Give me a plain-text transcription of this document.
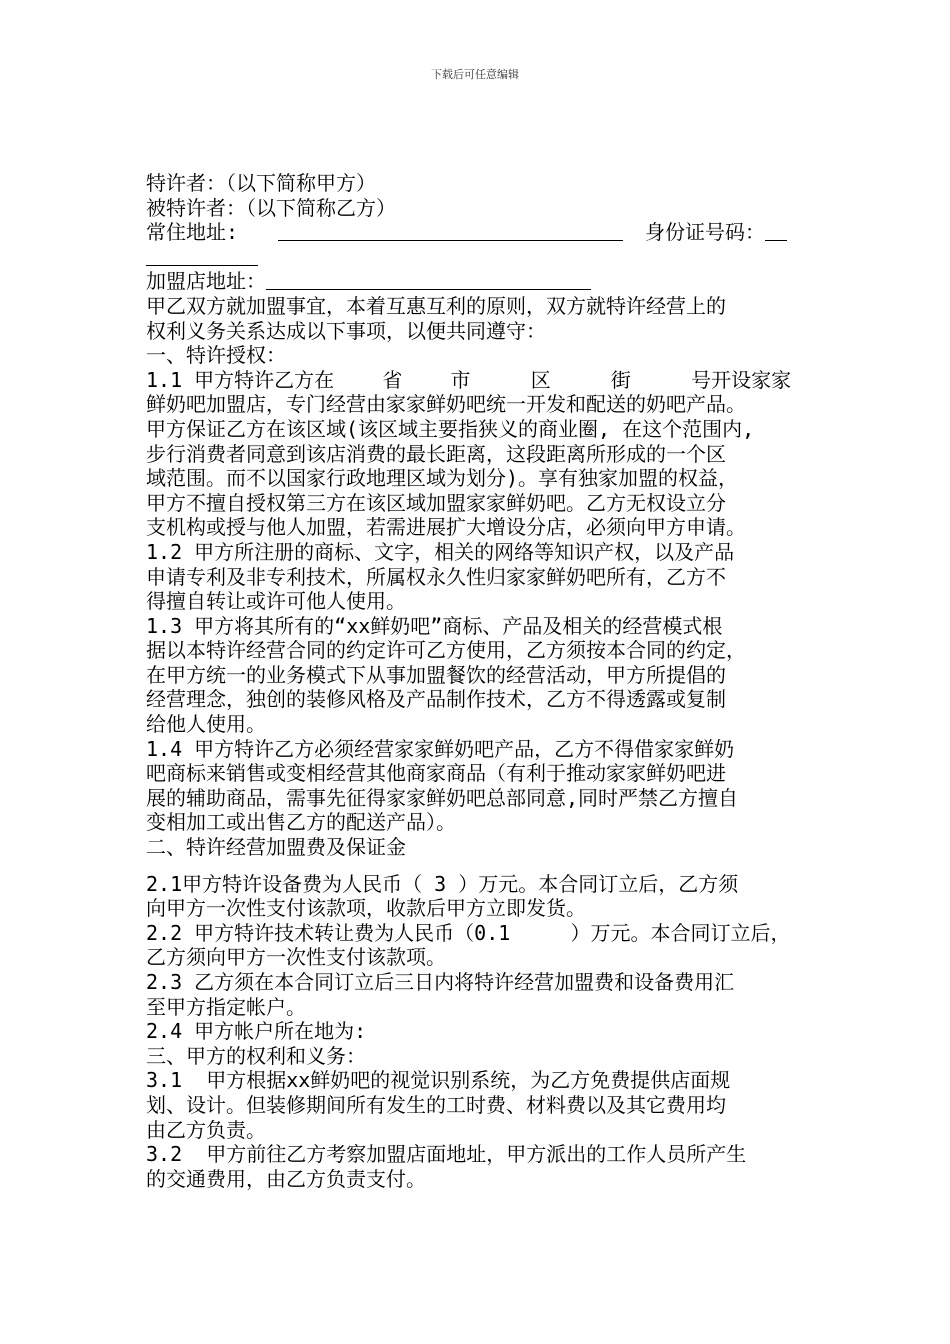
下载后可任意编辑
特许者：（以下简称甲方）
被特许者：（以下简称乙方）
常住地址:	身份证号码：
加盟店地址：
甲乙双方就加盟事宜，本着互惠互利的原则，双方就特许经营上的
权利义务关系达成以下事项，以便共同遵守：
一、特许授权：
1.1 甲方特许乙方在    省    市     区     街     号开设家家
鲜奶吧加盟店，专门经营由家家鲜奶吧统一开发和配送的奶吧产品。
甲方保证乙方在该区域(该区域主要指狭义的商业圈, 在这个范围内,
步行消费者同意到该店消费的最长距离，这段距离所形成的一个区
域范围。而不以国家行政地理区域为划分)。享有独家加盟的权益，
甲方不擅自授权第三方在该区域加盟家家鲜奶吧。乙方无权设立分
支机构或授与他人加盟，若需进展扩大增设分店，必须向甲方申请。
1.2 甲方所注册的商标、文字，相关的网络等知识产权，以及产品
申请专利及非专利技术，所属权永久性归家家鲜奶吧所有，乙方不
得擅自转让或许可他人使用。
1.3 甲方将其所有的“xx鲜奶吧”商标、产品及相关的经营模式根
据以本特许经营合同的约定许可乙方使用，乙方须按本合同的约定，
在甲方统一的业务模式下从事加盟餐饮的经营活动，甲方所提倡的
经营理念，独创的装修风格及产品制作技术，乙方不得透露或复制
给他人使用。
1.4 甲方特许乙方必须经营家家鲜奶吧产品，乙方不得借家家鲜奶
吧商标来销售或变相经营其他商家商品（有利于推动家家鲜奶吧进
展的辅助商品，需事先征得家家鲜奶吧总部同意,同时严禁乙方擅自
变相加工或出售乙方的配送产品）。
二、特许经营加盟费及保证金
2.1甲方特许设备费为人民币（ 3 ）万元。本合同订立后，乙方须
向甲方一次性支付该款项，收款后甲方立即发货。
2.2 甲方特许技术转让费为人民币（0.1     ）万元。本合同订立后，
乙方须向甲方一次性支付该款项。
2.3 乙方须在本合同订立后三日内将特许经营加盟费和设备费用汇
至甲方指定帐户。
2.4 甲方帐户所在地为:
三、甲方的权利和义务：
3.1  甲方根据xx鲜奶吧的视觉识别系统，为乙方免费提供店面规
划、设计。但装修期间所有发生的工时费、材料费以及其它费用均
由乙方负责。
3.2  甲方前往乙方考察加盟店面地址，甲方派出的工作人员所产生
的交通费用，由乙方负责支付。
